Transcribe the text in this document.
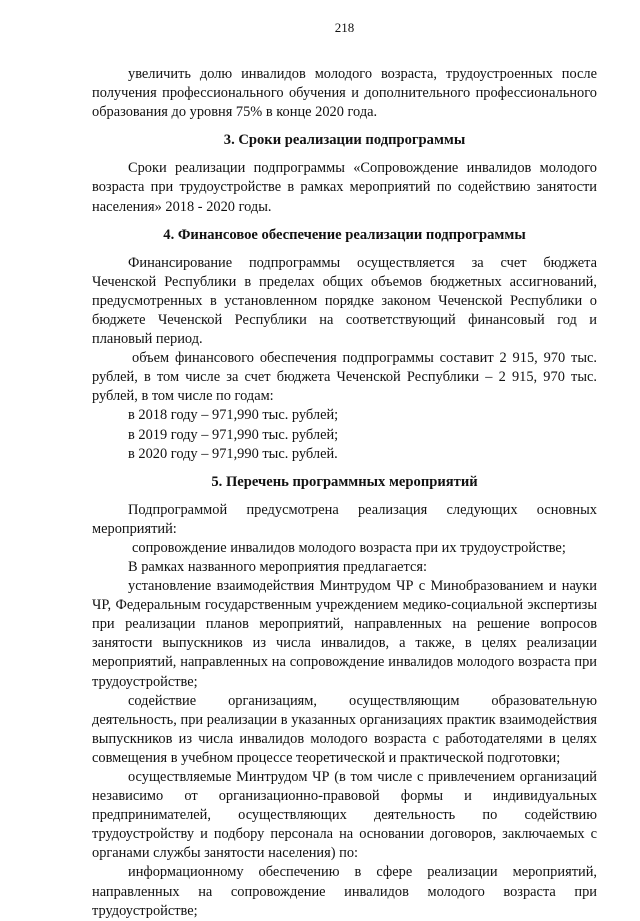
218

увеличить долю инвалидов молодого возраста, трудоустроенных после получения профессионального обучения и дополнительного профессионального образования до уровня 75% в конце 2020 года.

3. Сроки реализации подпрограммы

Сроки реализации подпрограммы «Сопровождение инвалидов молодого возраста при трудоустройстве в рамках мероприятий по содействию занятости населения» 2018 - 2020 годы.

4. Финансовое обеспечение реализации подпрограммы

Финансирование подпрограммы осуществляется за счет бюджета Чеченской Республики в пределах общих объемов бюджетных ассигнований, предусмотренных в установленном порядке законом Чеченской Республики о бюджете Чеченской Республики на соответствующий финансовый год и плановый период.

объем финансового обеспечения подпрограммы составит 2 915, 970 тыс. рублей, в том числе за счет бюджета Чеченской Республики – 2 915, 970 тыс. рублей, в том числе по годам:

в 2018 году – 971,990 тыс. рублей;

в 2019 году – 971,990 тыс. рублей;

в 2020 году – 971,990 тыс. рублей.

5. Перечень программных мероприятий

Подпрограммой предусмотрена реализация следующих основных мероприятий:

сопровождение инвалидов молодого возраста при их трудоустройстве;

В рамках названного мероприятия предлагается:

установление взаимодействия Минтрудом ЧР с Минобразованием и науки ЧР, Федеральным государственным учреждением медико-социальной экспертизы при реализации планов мероприятий, направленных на решение вопросов занятости выпускников из числа инвалидов, а также, в целях реализации мероприятий, направленных на сопровождение инвалидов молодого возраста при трудоустройстве;

содействие организациям, осуществляющим образовательную деятельность, при реализации в указанных организациях практик взаимодействия выпускников из числа инвалидов молодого возраста с работодателями в целях совмещения в учебном процессе теоретической и практической подготовки;

осуществляемые Минтрудом ЧР (в том числе с привлечением организаций независимо от организационно-правовой формы и индивидуальных предпринимателей, осуществляющих деятельность по содействию трудоустройству и подбору персонала на основании договоров, заключаемых с органами службы занятости населения) по:

информационному обеспечению в сфере реализации мероприятий, направленных на сопровождение инвалидов молодого возраста при трудоустройстве;
